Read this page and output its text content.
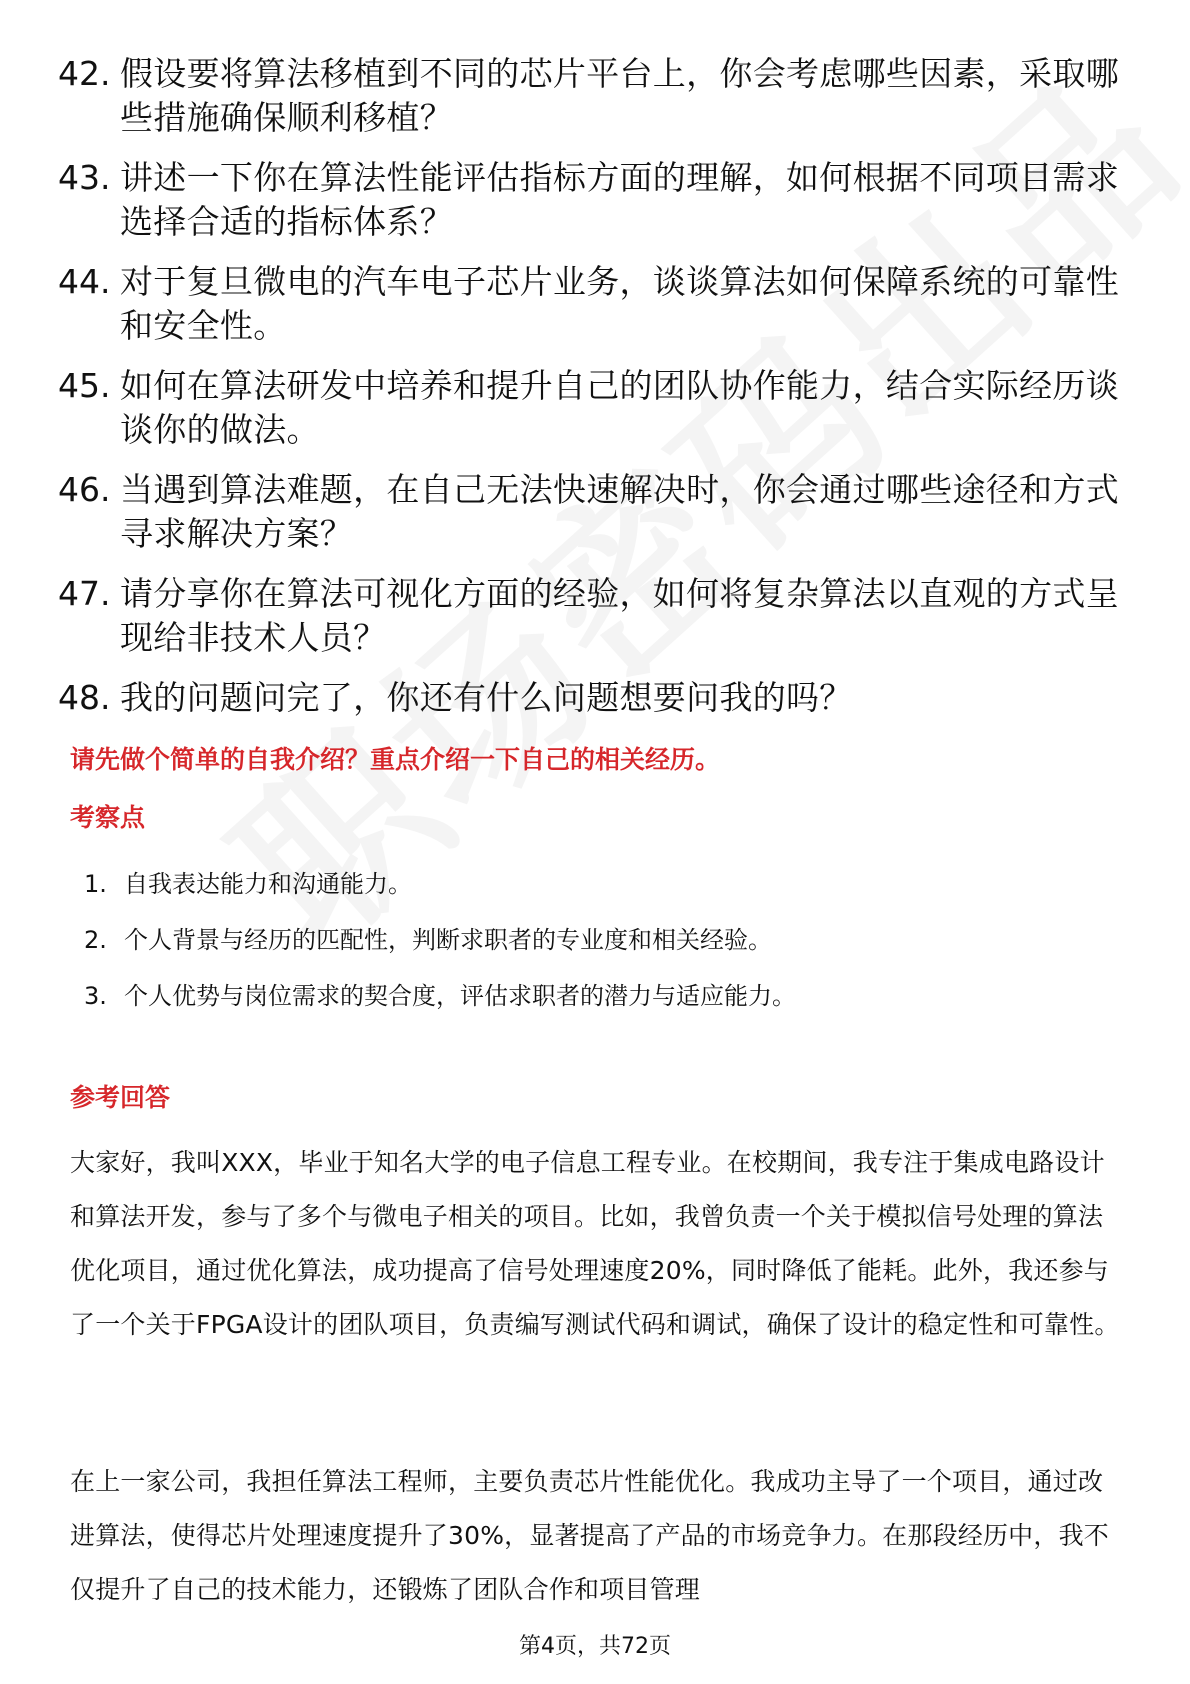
42. 假设要将算法移植到不同的芯片平台上，你会考虑哪些因素，采取哪些措施确保顺利移植？
43. 讲述一下你在算法性能评估指标方面的理解，如何根据不同项目需求选择合适的指标体系？
44. 对于复旦微电的汽车电子芯片业务，谈谈算法如何保障系统的可靠性和安全性。
45. 如何在算法研发中培养和提升自己的团队协作能力，结合实际经历谈谈你的做法。
46. 当遇到算法难题，在自己无法快速解决时，你会通过哪些途径和方式寻求解决方案？
47. 请分享你在算法可视化方面的经验，如何将复杂算法以直观的方式呈现给非技术人员？
48. 我的问题问完了，你还有什么问题想要问我的吗？
请先做个简单的自我介绍？重点介绍一下自己的相关经历。
考察点
1. 自我表达能力和沟通能力。
2. 个人背景与经历的匹配性，判断求职者的专业度和相关经验。
3. 个人优势与岗位需求的契合度，评估求职者的潜力与适应能力。
参考回答

大家好，我叫XXX，毕业于知名大学的电子信息工程专业。在校期间，我专注于集成电路设计和算法开发，参与了多个与微电子相关的项目。比如，我曾负责一个关于模拟信号处理的算法优化项目，通过优化算法，成功提高了信号处理速度20%，同时降低了能耗。此外，我还参与了一个关于FPGA设计的团队项目，负责编写测试代码和调试，确保了设计的稳定性和可靠性。

在上一家公司，我担任算法工程师，主要负责芯片性能优化。我成功主导了一个项目，通过改进算法，使得芯片处理速度提升了30%，显著提高了产品的市场竞争力。在那段经历中，我不仅提升了自己的技术能力，还锻炼了团队合作和项目管理

第4页，共72页
